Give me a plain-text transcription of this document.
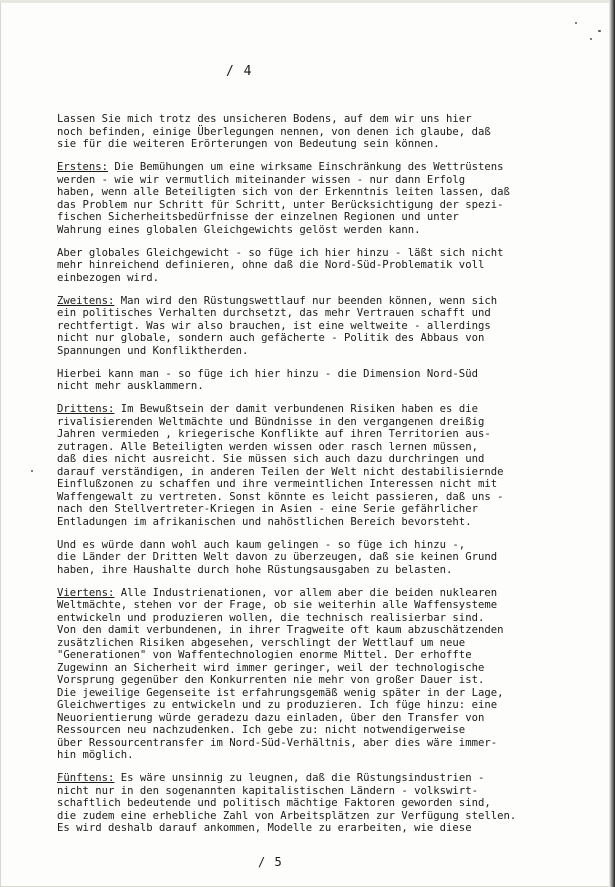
/ 4

Lassen Sie mich trotz des unsicheren Bodens, auf dem wir uns hier
noch befinden, einige Überlegungen nennen, von denen ich glaube, daß
sie für die weiteren Erörterungen von Bedeutung sein können.

Erstens: Die Bemühungen um eine wirksame Einschränkung des Wettrüstens
werden - wie wir vermutlich miteinander wissen - nur dann Erfolg
haben, wenn alle Beteiligten sich von der Erkenntnis leiten lassen, daß
das Problem nur Schritt für Schritt, unter Berücksichtigung der spezi-
fischen Sicherheitsbedürfnisse der einzelnen Regionen und unter
Wahrung eines globalen Gleichgewichts gelöst werden kann.

Aber globales Gleichgewicht - so füge ich hier hinzu - läßt sich nicht
mehr hinreichend definieren, ohne daß die Nord-Süd-Problematik voll
einbezogen wird.

Zweitens: Man wird den Rüstungswettlauf nur beenden können, wenn sich
ein politisches Verhalten durchsetzt, das mehr Vertrauen schafft und
rechtfertigt. Was wir also brauchen, ist eine weltweite - allerdings
nicht nur globale, sondern auch gefächerte - Politik des Abbaus von
Spannungen und Konfliktherden.

Hierbei kann man - so füge ich hier hinzu - die Dimension Nord-Süd
nicht mehr ausklammern.

Drittens: Im Bewußtsein der damit verbundenen Risiken haben es die
rivalisierenden Weltmächte und Bündnisse in den vergangenen dreißig
Jahren vermieden , kriegerische Konflikte auf ihren Territorien aus-
zutragen. Alle Beteiligten werden wissen oder rasch lernen müssen,
daß dies nicht ausreicht. Sie müssen sich auch dazu durchringen und
darauf verständigen, in anderen Teilen der Welt nicht destabilisiernde
Einflußzonen zu schaffen und ihre vermeintlichen Interessen nicht mit
Waffengewalt zu vertreten. Sonst könnte es leicht passieren, daß uns -
nach den Stellvertreter-Kriegen in Asien - eine Serie gefährlicher
Entladungen im afrikanischen und nahöstlichen Bereich bevorsteht.

Und es würde dann wohl auch kaum gelingen - so füge ich hinzu -,
die Länder der Dritten Welt davon zu überzeugen, daß sie keinen Grund
haben, ihre Haushalte durch hohe Rüstungsausgaben zu belasten.

Viertens: Alle Industrienationen, vor allem aber die beiden nuklearen
Weltmächte, stehen vor der Frage, ob sie weiterhin alle Waffensysteme
entwickeln und produzieren wollen, die technisch realisierbar sind.
Von den damit verbundenen, in ihrer Tragweite oft kaum abzuschätzenden
zusätzlichen Risiken abgesehen, verschlingt der Wettlauf um neue
"Generationen" von Waffentechnologien enorme Mittel. Der erhoffte
Zugewinn an Sicherheit wird immer geringer, weil der technologische
Vorsprung gegenüber den Konkurrenten nie mehr von großer Dauer ist.
Die jeweilige Gegenseite ist erfahrungsgemäß wenig später in der Lage,
Gleichwertiges zu entwickeln und zu produzieren. Ich füge hinzu: eine
Neuorientierung würde geradezu dazu einladen, über den Transfer von
Ressourcen neu nachzudenken. Ich gebe zu: nicht notwendigerweise
über Ressourcentransfer im Nord-Süd-Verhältnis, aber dies wäre immer-
hin möglich.

Fünftens: Es wäre unsinnig zu leugnen, daß die Rüstungsindustrien -
nicht nur in den sogenannten kapitalistischen Ländern - volkswirt-
schaftlich bedeutende und politisch mächtige Faktoren geworden sind,
die zudem eine erhebliche Zahl von Arbeitsplätzen zur Verfügung stellen.
Es wird deshalb darauf ankommen, Modelle zu erarbeiten, wie diese

/ 5
